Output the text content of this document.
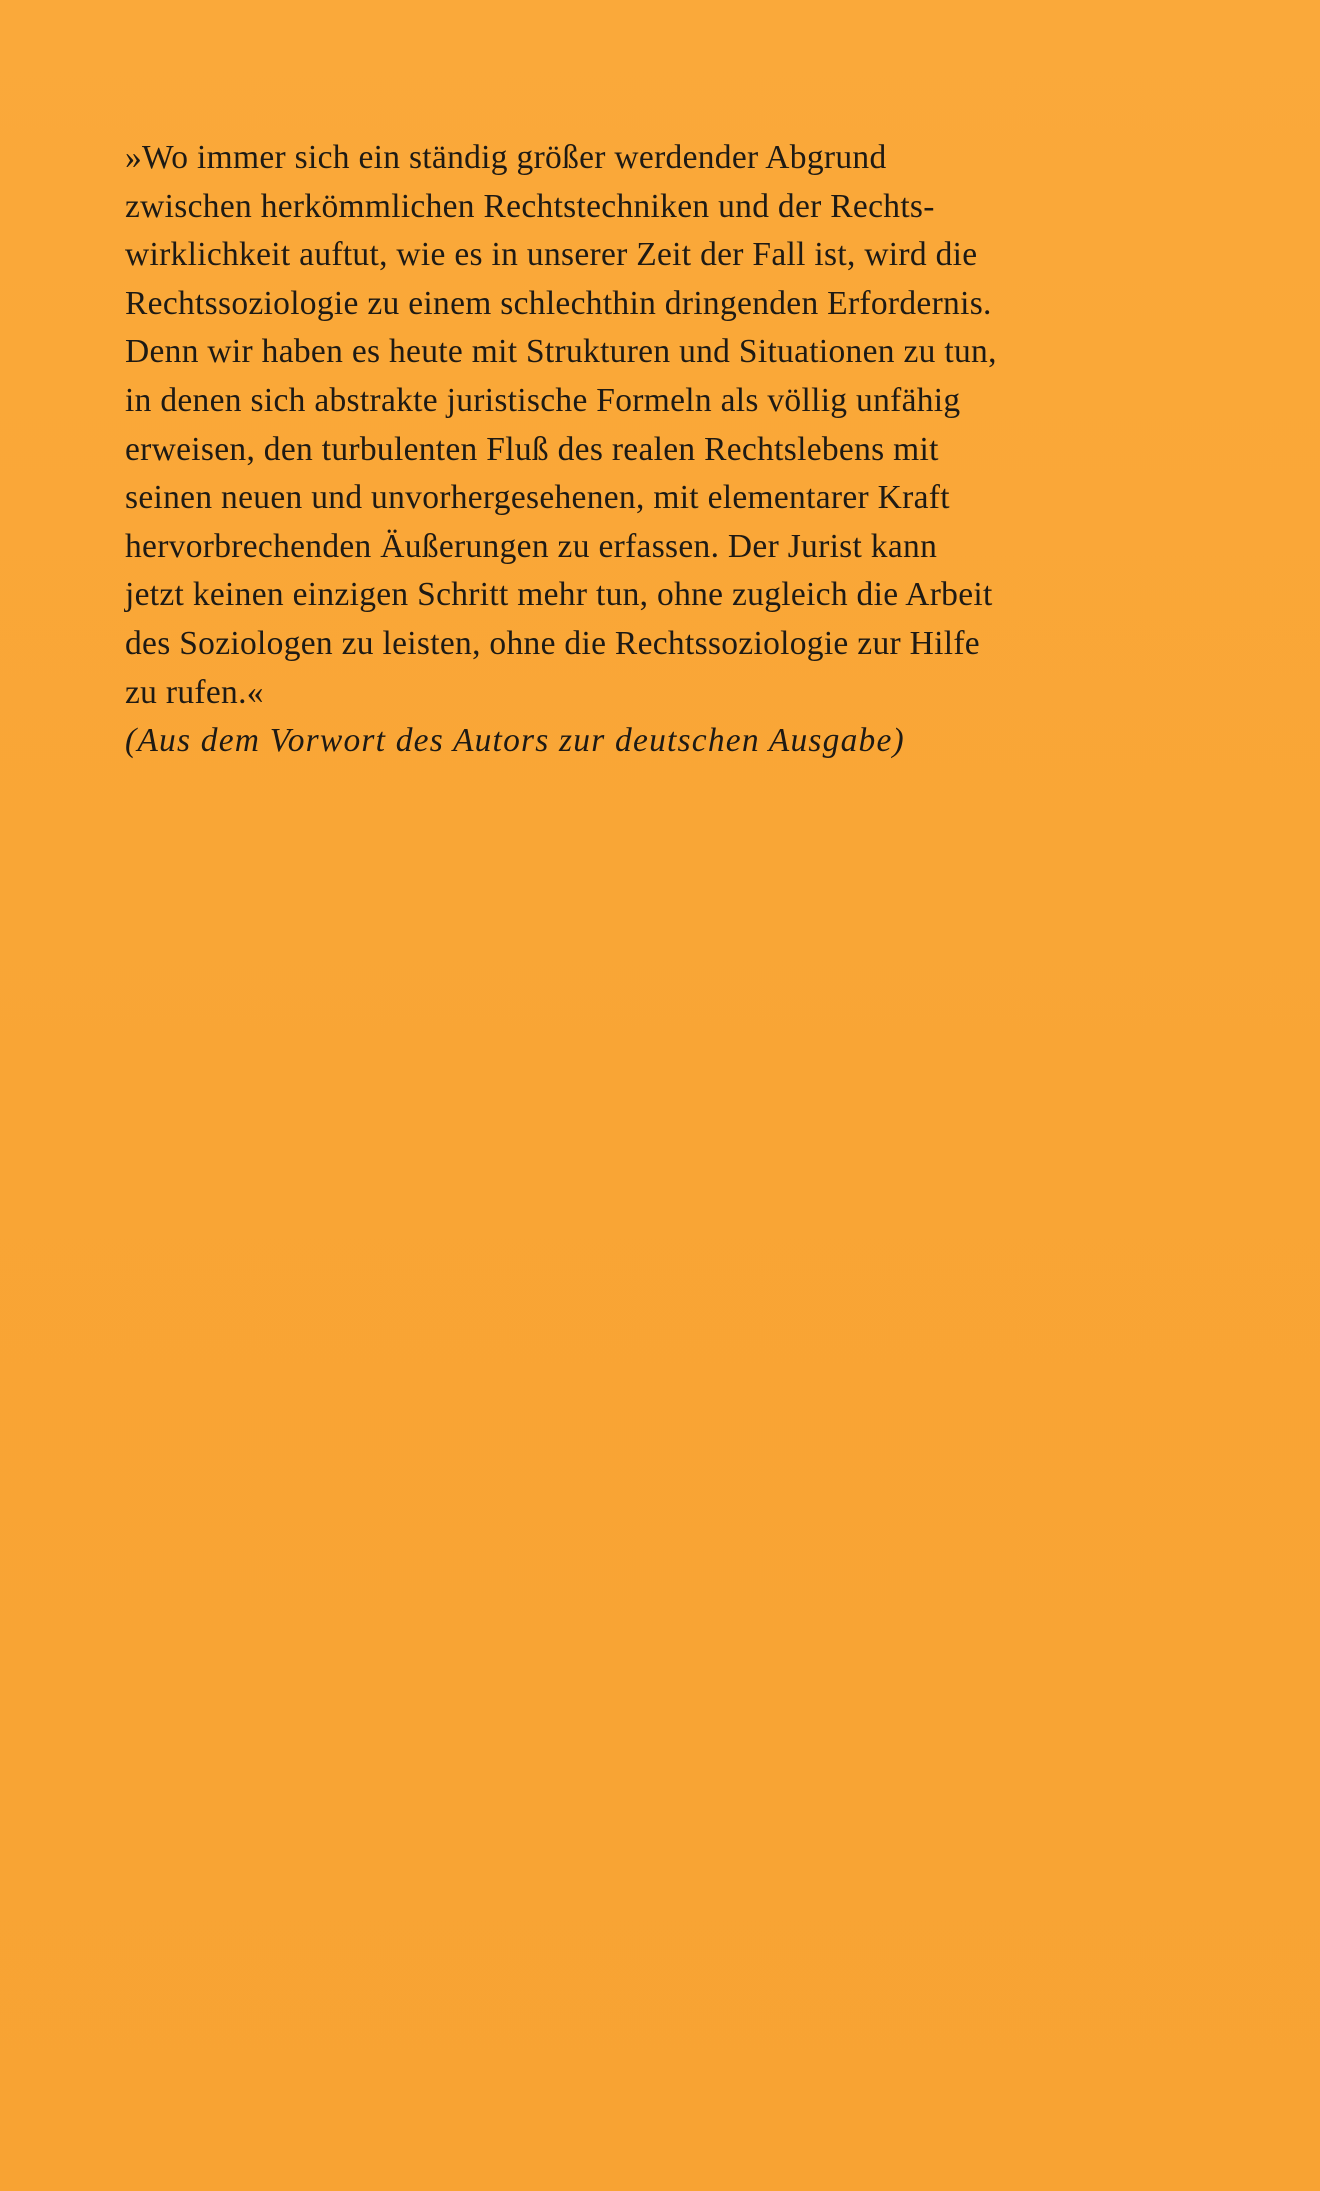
»Wo immer sich ein ständig größer werdender Abgrund
zwischen herkömmlichen Rechtstechniken und der Rechts-
wirklichkeit auftut, wie es in unserer Zeit der Fall ist, wird die
Rechtssoziologie zu einem schlechthin dringenden Erfordernis.
Denn wir haben es heute mit Strukturen und Situationen zu tun,
in denen sich abstrakte juristische Formeln als völlig unfähig
erweisen, den turbulenten Fluß des realen Rechtslebens mit
seinen neuen und unvorhergesehenen, mit elementarer Kraft
hervorbrechenden Äußerungen zu erfassen. Der Jurist kann
jetzt keinen einzigen Schritt mehr tun, ohne zugleich die Arbeit
des Soziologen zu leisten, ohne die Rechtssoziologie zur Hilfe
zu rufen.«
(Aus dem Vorwort des Autors zur deutschen Ausgabe)
